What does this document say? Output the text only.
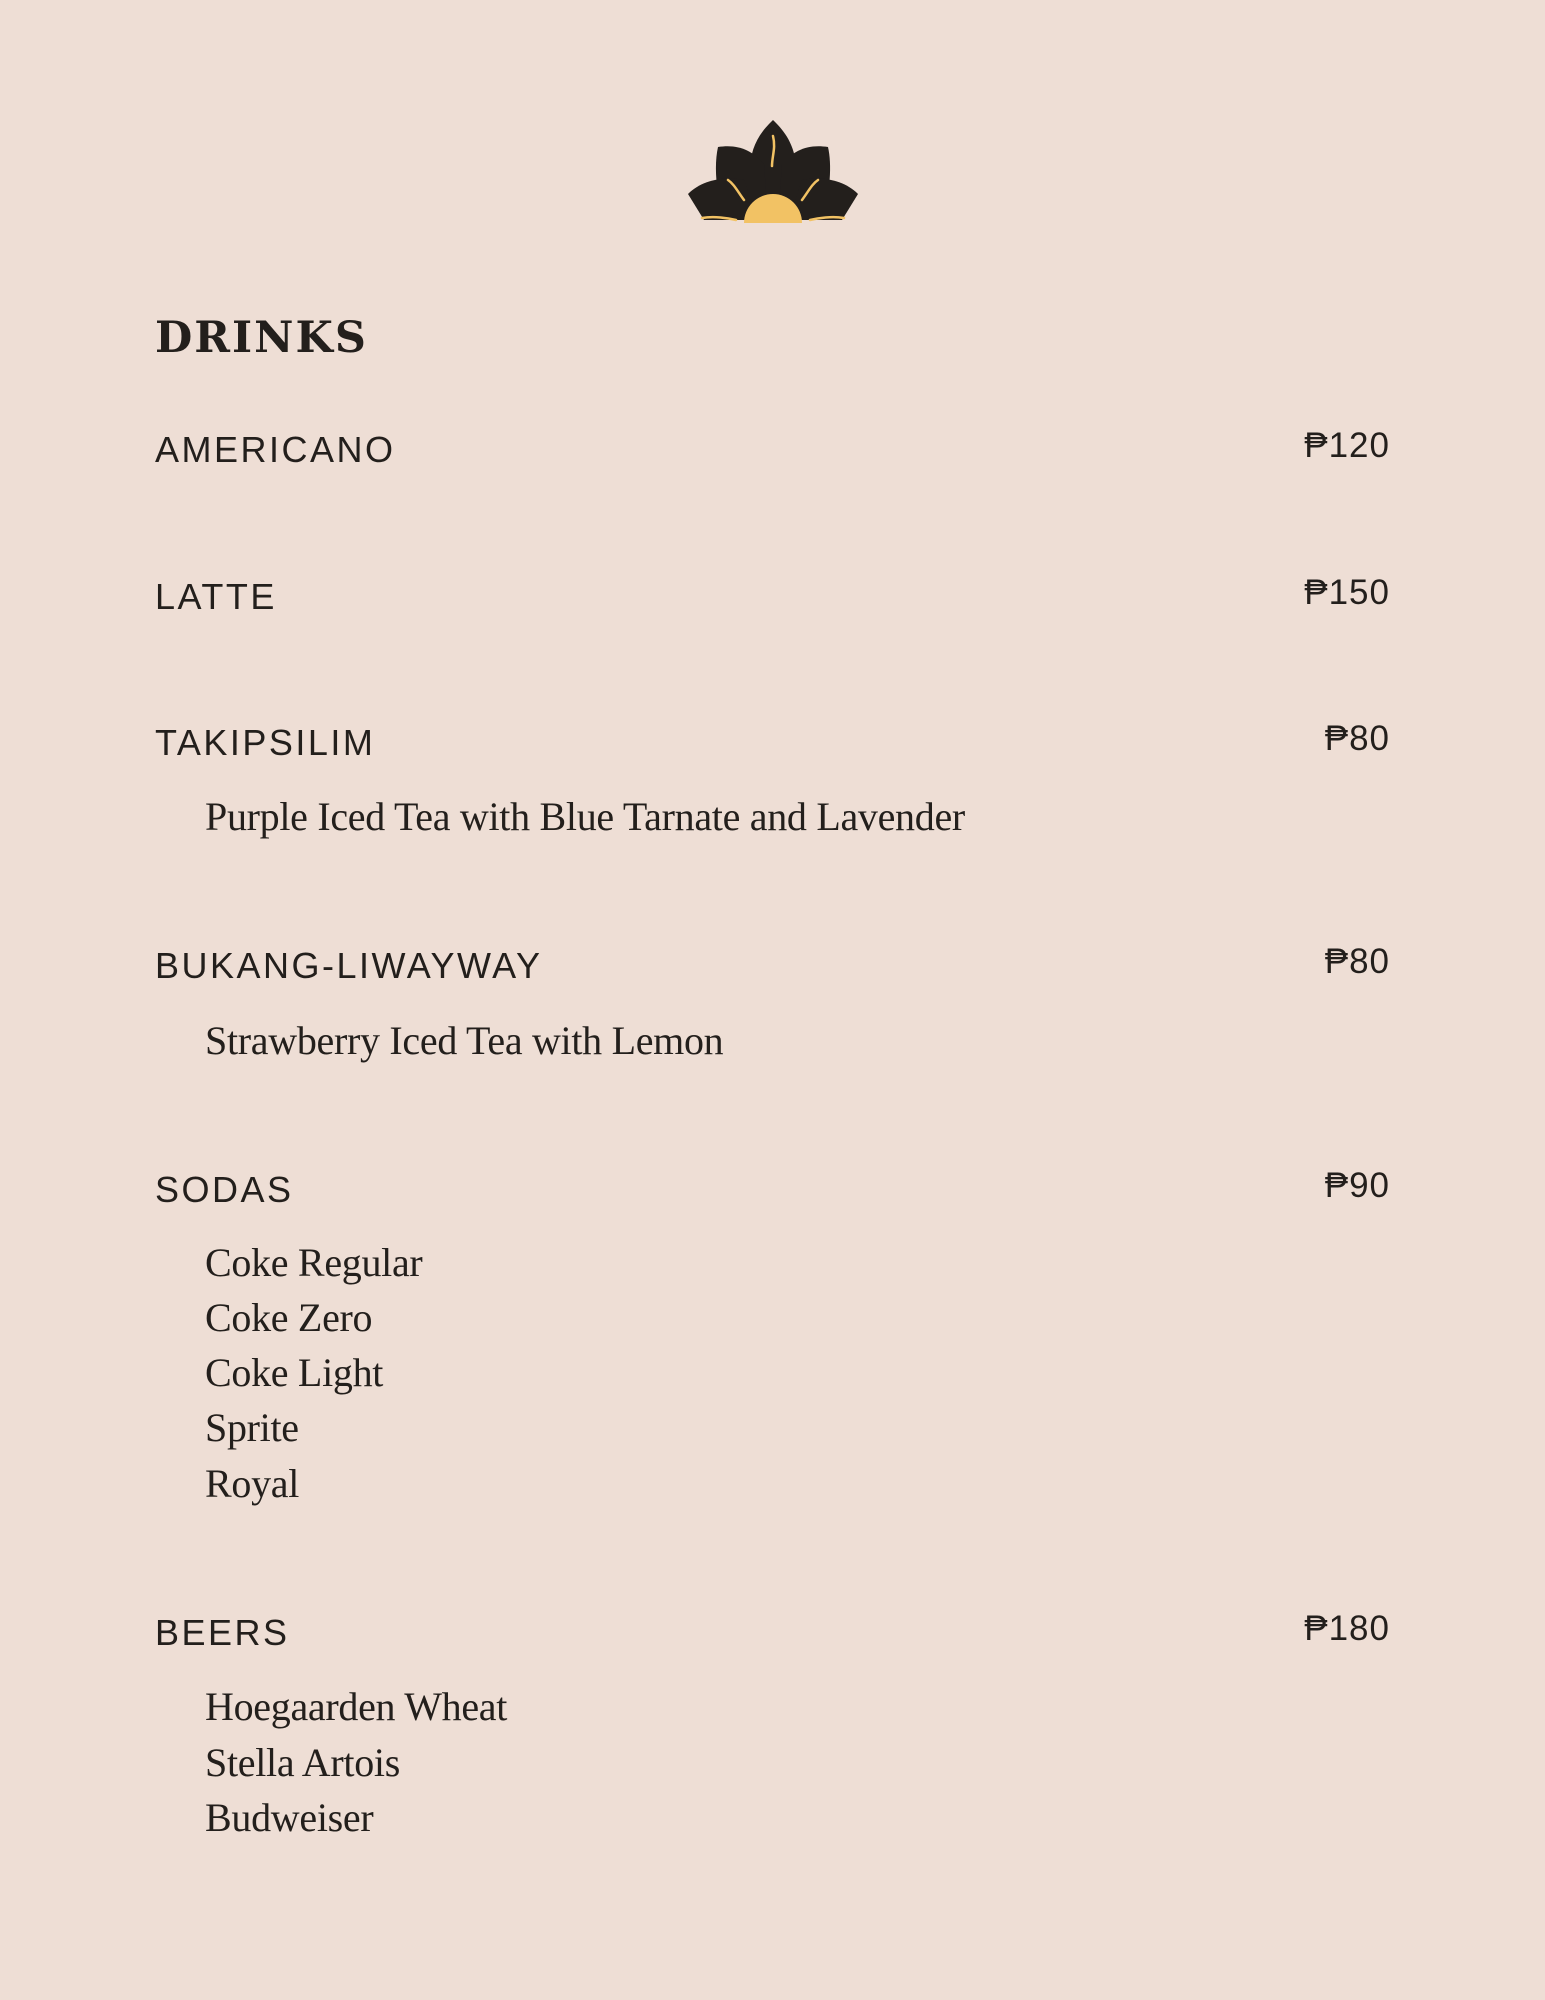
DRINKS
AMERICANO	₱120
LATTE	₱150
TAKIPSILIM	₱80
Purple Iced Tea with Blue Tarnate and Lavender
BUKANG-LIWAYWAY	₱80
Strawberry Iced Tea with Lemon
SODAS	₱90
Coke Regular
Coke Zero
Coke Light
Sprite
Royal
BEERS	₱180
Hoegaarden Wheat
Stella Artois
Budweiser
